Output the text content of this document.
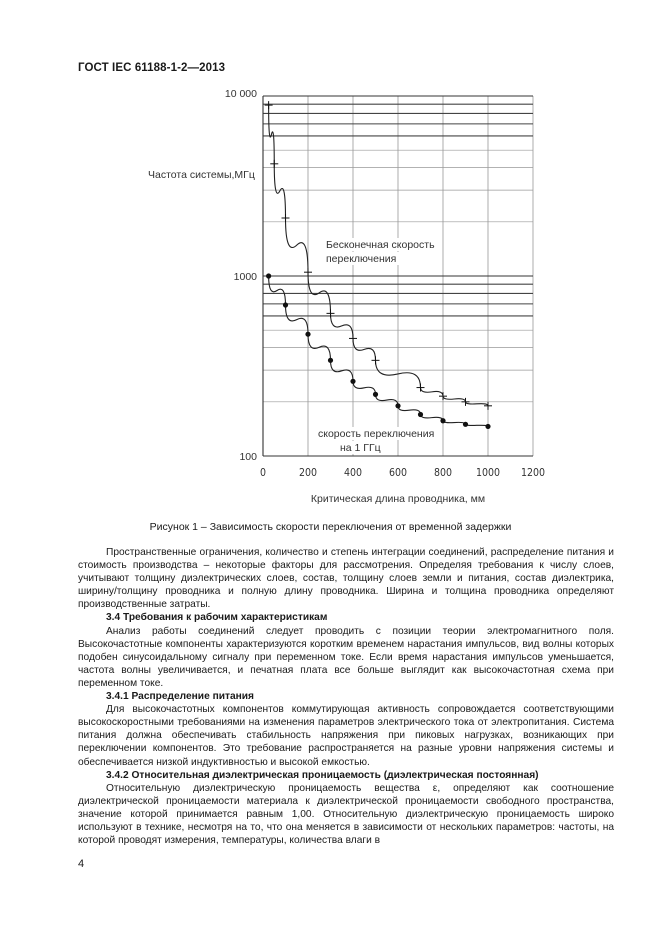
ГОСТ IEC 61188-1-2—2013
0	200	400	600	800 1000 1200
10 000
1000
100
Частота системы,МГц
Критическая длина проводника, мм
Бесконечная скорость
переключения
скорость переключения
на 1 ГГц
Рисунок 1 – Зависимость скорости переключения от временной задержки

Пространственные ограничения, количество и степень интеграции соединений, распределение питания и стоимость производства – некоторые факторы для рассмотрения. Определяя требования к числу слоев, учитывают толщину диэлектрических слоев, состав, толщину слоев земли и питания, состав диэлектрика, ширину/толщину проводника и полную длину проводника. Ширина и толщина проводника определяют производственные затраты.

3.4 Требования к рабочим характеристикам

Анализ работы соединений следует проводить с позиции теории электромагнитного поля. Высокочастотные компоненты характеризуются коротким временем нарастания импульсов, вид волны которых подобен синусоидальному сигналу при переменном токе. Если время нарастания импульсов уменьшается, частота волны увеличивается, и печатная плата все больше выглядит как высокочастотная схема при переменном токе.

3.4.1 Распределение питания

Для высокочастотных компонентов коммутирующая активность сопровождается соответствующими высокоскоростными требованиями на изменения параметров электрического тока от электропитания. Система питания должна обеспечивать стабильность напряжения при пиковых нагрузках, возникающих при переключении компонентов. Это требование распространяется на разные уровни напряжения системы и обеспечивается низкой индуктивностью и высокой емкостью.

3.4.2 Относительная диэлектрическая проницаемость (диэлектрическая постоянная)

Относительную диэлектрическую проницаемость вещества ε, определяют как соотношение диэлектрической проницаемости материала к диэлектрической проницаемости свободного пространства, значение которой принимается равным 1,00. Относительную диэлектрическую проницаемость широко используют в технике, несмотря на то, что она меняется в зависимости от нескольких параметров: частоты, на которой проводят измерения, температуры, количества влаги в

4
